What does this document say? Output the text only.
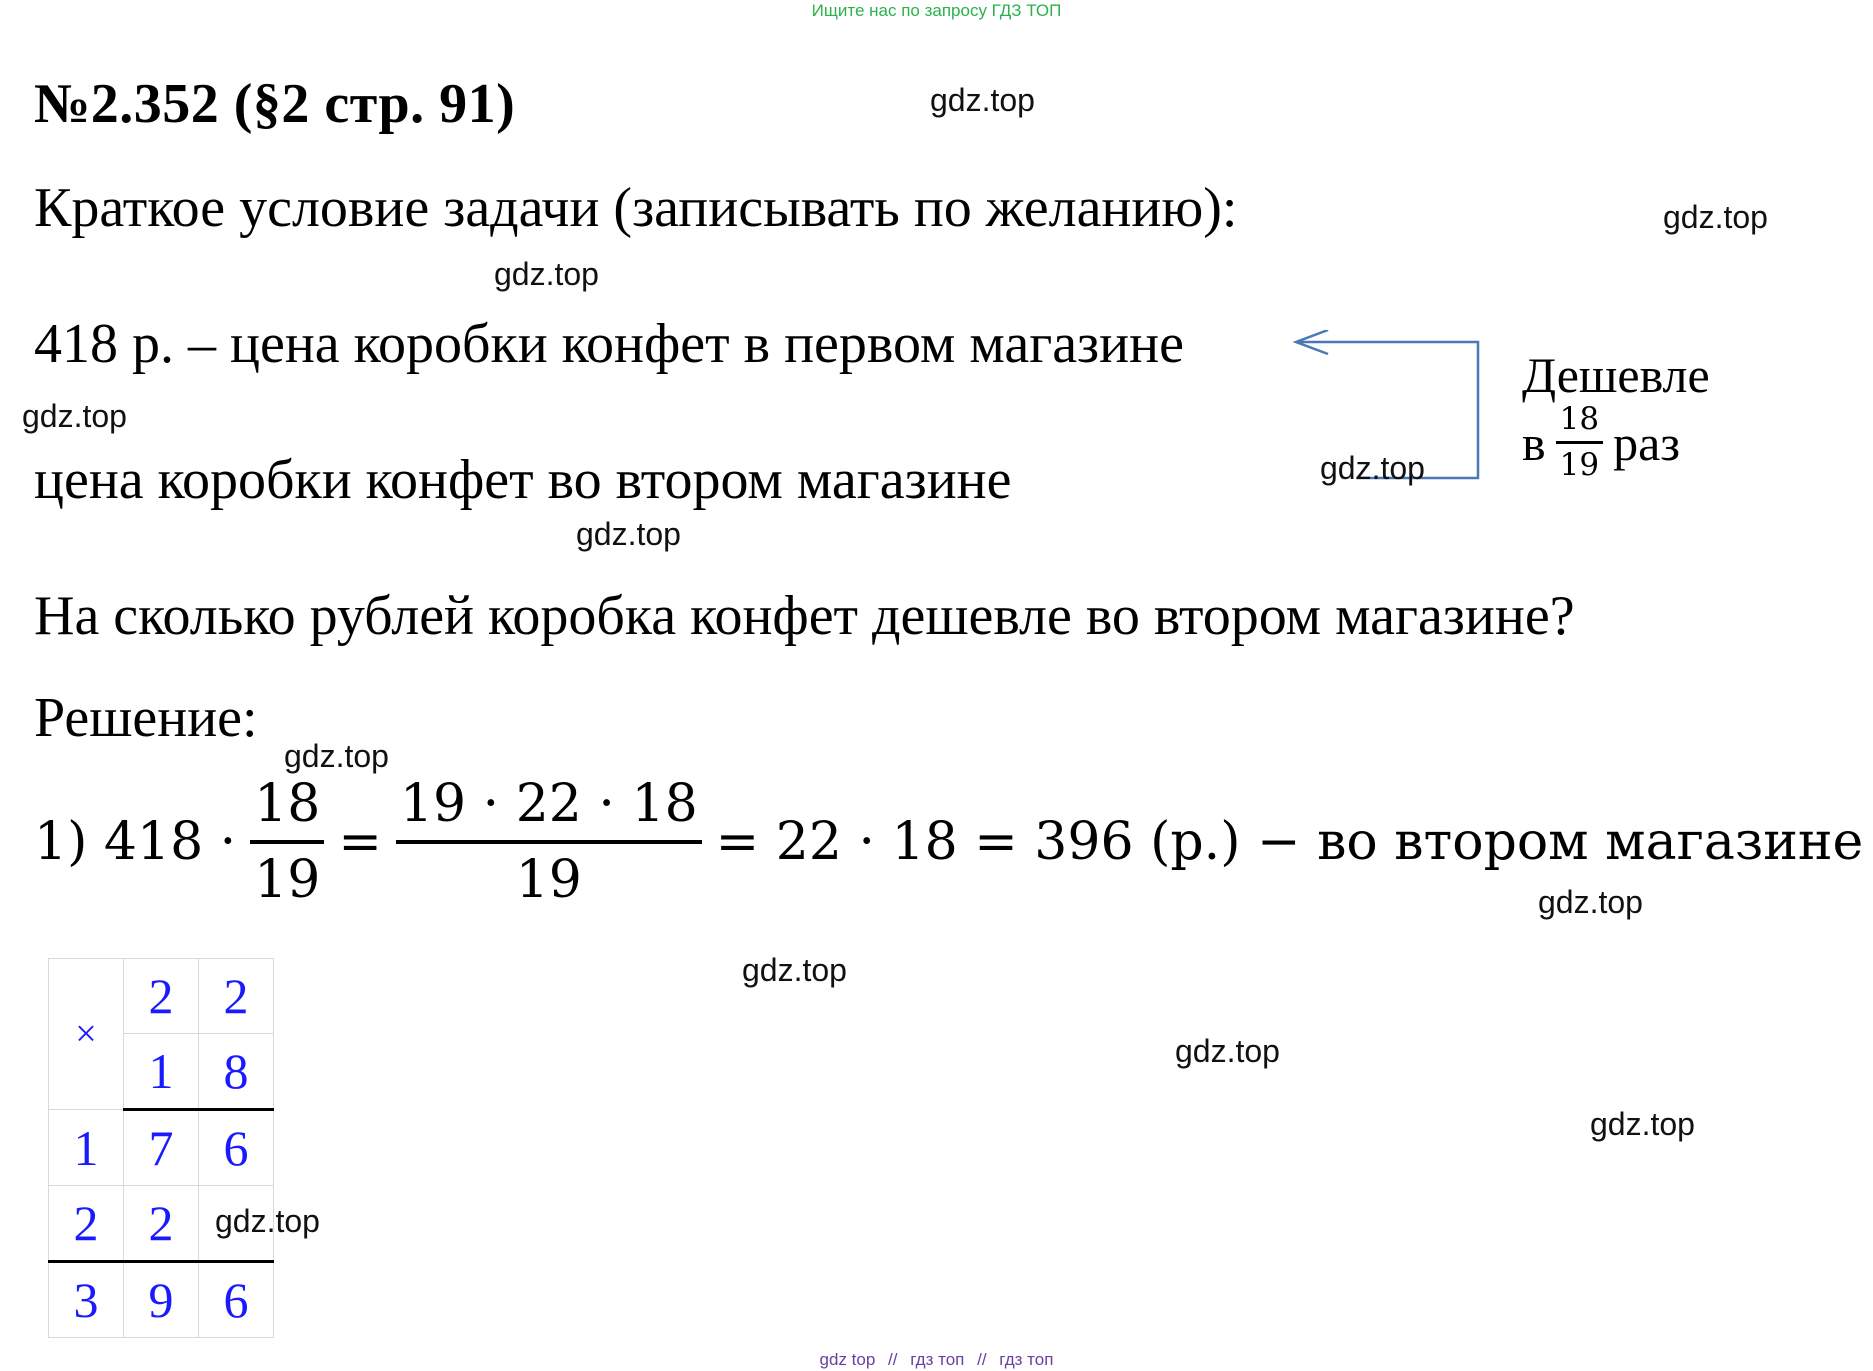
Ищите нас по запросу ГДЗ ТОП
№2.352 (§2 стр. 91)
Краткое условие задачи (записывать по желанию):
418 р. – цена коробки конфет в первом магазине
цена коробки конфет во втором магазине
Дешевле
в $\frac{18}{19}$ раз
На сколько рублей коробка конфет дешевле во втором магазине?
Решение:
1) $418 \cdot \frac{18}{19} = \frac{19 \cdot 22 \cdot 18}{19} = 22 \cdot 18 = 396$ (р.) − во втором магазине
×	2	2
	1	8
1	7	6
2	2	
3	9	6
gdz.top
gdz.top
gdz.top
gdz.top
gdz.top
gdz.top
gdz.top
gdz.top
gdz.top
gdz.top
gdz.top
gdz.top
gdz top // гдз топ // гдз топ
